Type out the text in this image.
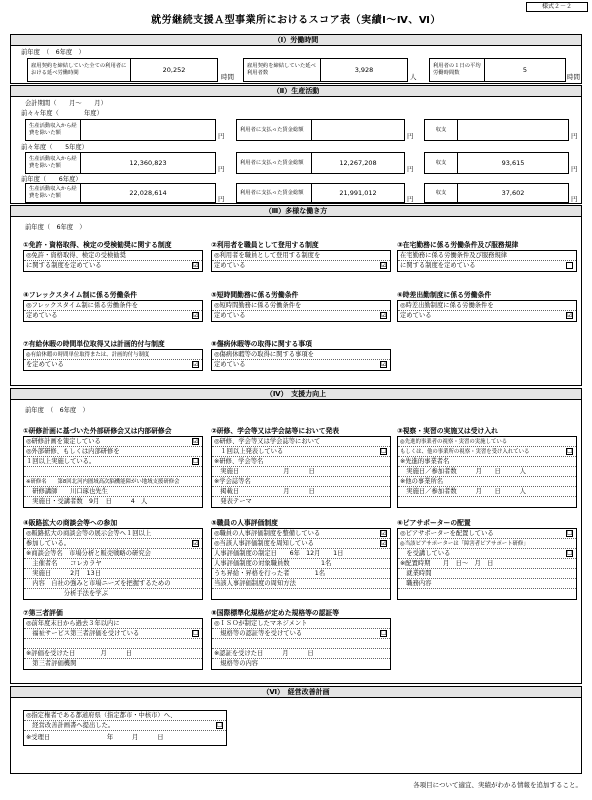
様式２－２
就労継続支援Ａ型事業所におけるスコア表（実績Ⅰ～Ⅳ、Ⅵ）
（Ⅰ）労働時間
前年度　（　6年度　）
雇用契約を締結していた全ての利用者における延べ労働時間	20,252
時間
雇用契約を締結していた延べ利用者数	3,928
人
利用者の１日の平均労働時間数	5
時間
（Ⅱ）生産活動
会計期間（　　月～　　月）
前々々年度（　　　　年度）
生産活動収入から経費を除いた額	円
利用者に支払った賃金総額
円
収支
円
前々年度（　　5年度）
生産活動収入から経費を除いた額	12,360,823
円
利用者に支払った賃金総額	12,267,208
円
収支	93,615
円
前年度（　　6年度）
生産活動収入から経費を除いた額	22,028,614
円
利用者に支払った賃金総額	21,991,012
円
収支	37,602
円
（Ⅲ）多様な働き方
前年度（　6年度　）
①免許・資格取得、検定の受検勧奨に関する制度
◎免許・資格取得、検定の受検勧奨
に関する制度を定めている	☑
②利用者を職員として登用する制度
◎利用者を職員として登用する制度を
定めている	☑
③在宅勤務に係る労働条件及び服務規律
在宅勤務に係る労働条件及び服務規律
に関する制度を定めている
④フレックスタイム制に係る労働条件
◎フレックスタイム制に係る労働条件を
定めている	☑
⑤短時間勤務に係る労働条件
◎短時間勤務に係る労働条件を
定めている	☑
⑥時差出勤制度に係る労働条件
◎時差出勤制度に係る労働条件を
定めている	☑
⑦有給休暇の時間単位取得又は計画的付与制度
◎有給休暇の時間単位取得または、計画的付与制度
を定めている	☑
⑧傷病休暇等の取得に関する事項
◎傷病休暇等の取得に関する事項を
定めている	☑
（Ⅳ）　支援力向上
前年度　（　6年度　）
①研修計画に基づいた外部研修会又は内部研修会
◎研修計画を策定している	☑
◎外部研修、もしくは内部研修を
１回以上実施している。	☐
※研修名　　第8回北河内圏域高次脳機能障がい地域支援研修会
　研修講師　　川口琢也先生
　実施日・受講者数　9月　日　　　4　人
②研修、学会等又は学会誌等において発表
◎研修、学会等又は学会誌等において
　１回以上発表している	☐
※研修、学会等名
　実施日　　　　　　　月　　　日
※学会誌等名
　掲載日　　　　　　　月　　　日
　発表テーマ
③視察・実習の実施又は受け入れ
◎先進的事業者の視察・実習の実施している
もしくは、他の事業所の視察・実習を受け入れている	☐
※先進的事業者名
　実施日／参加者数　　　月　　日　　　人
※他の事業所名
　実施日／参加者数　　　月　　日　　　人
④販路拡大の商談会等への参加
◎販路拡大の商談会等の展示会等へ１回以上
参加している。	☑
※商談会等名　市場分析と販売戦略の研究会
　主催者名　　コレカラヤ
　実施日　　　2月　13日
　内容　自社の強みと市場ニーズを把握するための
　　　　　　分析手法を学ぶ
⑤職員の人事評価制度
◎職員の人事評価制度を整備している	☑
◎当該人事評価制度を周知している	☑
人事評価制度の制定日　　6年　12月　　1日
人事評価制度の対象職員数　　　　　1名
うち昇給・昇格を行った者　　　　1名
当該人事評価制度の周知方法
⑥ピアサポーターの配置
◎ピアサポーターを配置している	☐
◎当該ピアサポーターは「障害者ピアサポート研修」
　を受講している	☐
※配置時期　　月　日～　月　日
　就業時間
　職務内容
⑦第三者評価
◎前年度末日から過去３年以内に
　福祉サービス第三者評価を受けている	☐
※評価を受けた日　　　　月　　　日
　第三者評価機関
⑧国際標準化規格が定めた規格等の認証等
◎ＩＳＯが制定したマネジメント
　規格等の認証等を受けている	☐
※認証を受けた日　　　月　　　日
　規格等の内容
（Ⅵ）　経営改善計画
◎指定権者である都道府県（指定都市・中核市）へ、
　経営改善計画書へ提出した。	☐
※受理日　　　　　　　　　年　　　月　　　日
各項目について適宜、実績がわかる情報を追加すること。
